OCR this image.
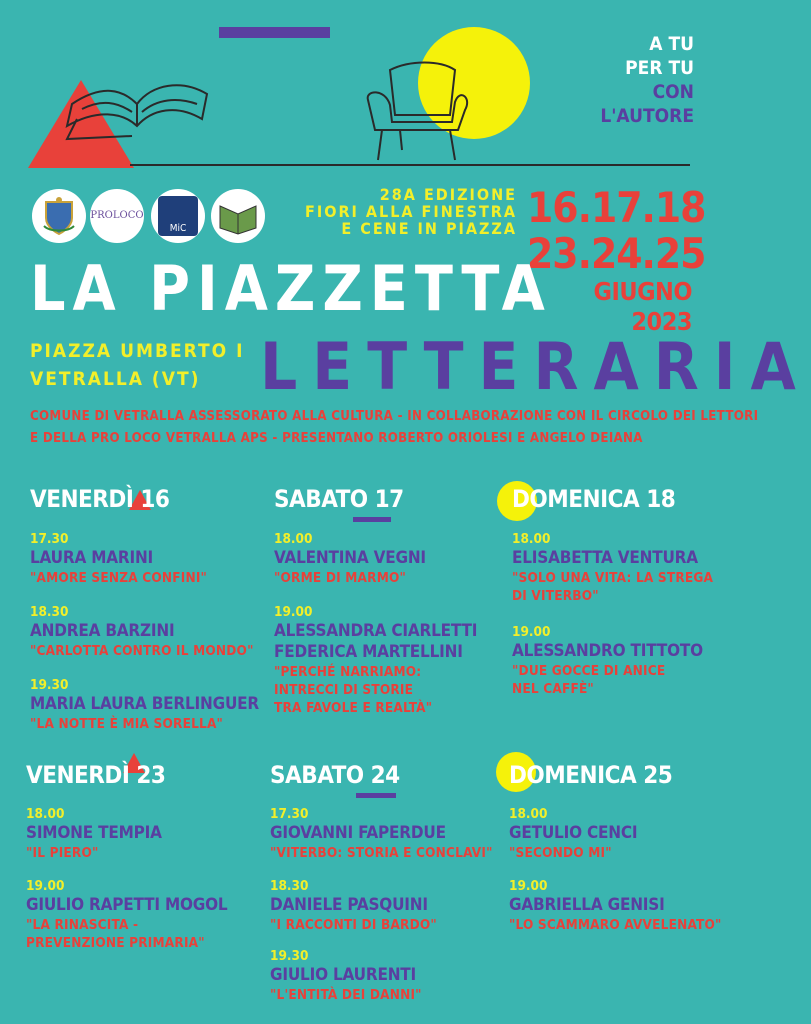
A TU
PER TU
CON
L'AUTORE
PROLOCO
MiC
28A EDIZIONE
FIORI ALLA FINESTRA
E CENE IN PIAZZA 16.17.18
23.24.25
GIUGNO 2023
LA PIAZZETTA
PIAZZA UMBERTO I
VETRALLA (VT) LETTERARIA
COMUNE DI VETRALLA ASSESSORATO ALLA CULTURA - IN COLLABORAZIONE CON IL CIRCOLO DEI LETTORI
E DELLA PRO LOCO VETRALLA APS - PRESENTANO ROBERTO ORIOLESI E ANGELO DEIANA
VENERDÌ 16
17.30
LAURA MARINI
"AMORE SENZA CONFINI"
18.30
ANDREA BARZINI
"CARLOTTA CONTRO IL MONDO"
19.30
MARIA LAURA BERLINGUER
"LA NOTTE È MIA SORELLA"
SABATO 17
18.00
VALENTINA VEGNI
"ORME DI MARMO"
19.00
ALESSANDRA CIARLETTI
FEDERICA MARTELLINI
"PERCHÉ NARRIAMO:
INTRECCI DI STORIE
TRA FAVOLE E REALTÀ"
DOMENICA 18
18.00
ELISABETTA VENTURA
"SOLO UNA VITA: LA STREGA
DI VITERBO"
19.00
ALESSANDRO TITTOTO
"DUE GOCCE DI ANICE
NEL CAFFÈ"
VENERDÌ 23
18.00
SIMONE TEMPIA
"IL PIERO"
19.00
GIULIO RAPETTI MOGOL
"LA RINASCITA -
PREVENZIONE PRIMARIA"
SABATO 24
17.30
GIOVANNI FAPERDUE
"VITERBO: STORIA E CONCLAVI"
18.30
DANIELE PASQUINI
"I RACCONTI DI BARDO"
19.30
GIULIO LAURENTI
"L'ENTITÀ DEI DANNI"
DOMENICA 25
18.00
GETULIO CENCI
"SECONDO MI"
19.00
GABRIELLA GENISI
"LO SCAMMARO AVVELENATO"
